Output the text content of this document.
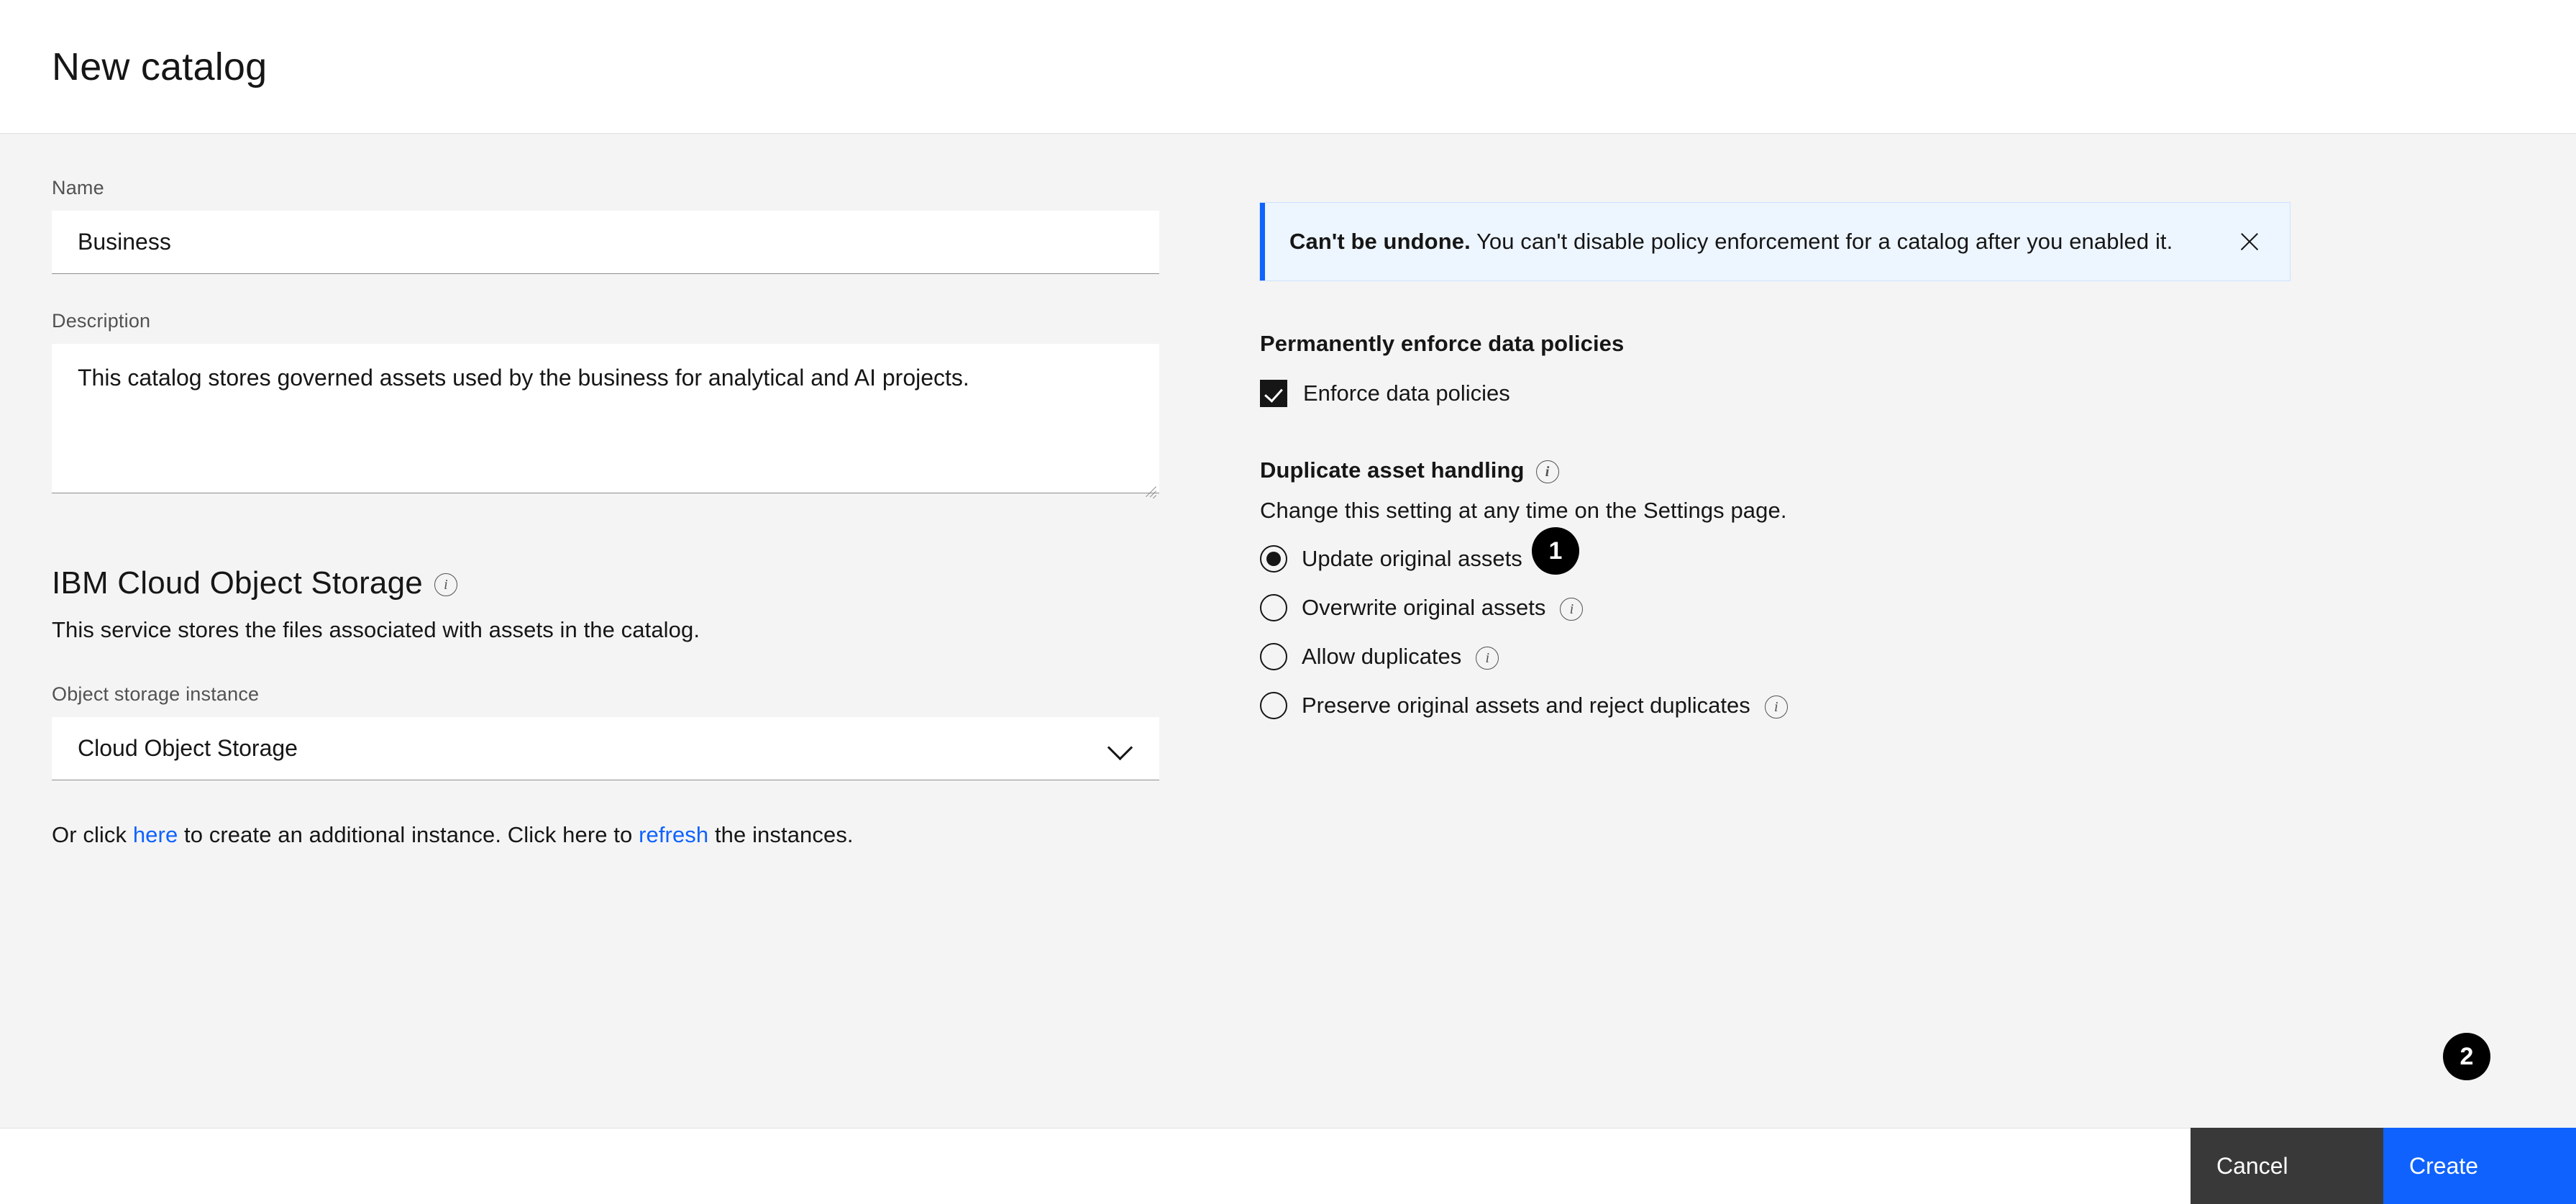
New catalog
Name
Business
Description
This catalog stores governed assets used by the business for analytical and AI projects.
IBM Cloud Object Storage
i
This service stores the files associated with assets in the catalog.
Object storage instance
Cloud Object Storage
Or click here to create an additional instance. Click here to refresh the instances.
Can't be undone. You can't disable policy enforcement for a catalog after you enabled it.
Permanently enforce data policies
Enforce data policies
Duplicate asset handling
i
Change this setting at any time on the Settings page.
Update original assets
i
Overwrite original assets
i
Allow duplicates
i
Preserve original assets and reject duplicates
i
1
2
Cancel	Create
